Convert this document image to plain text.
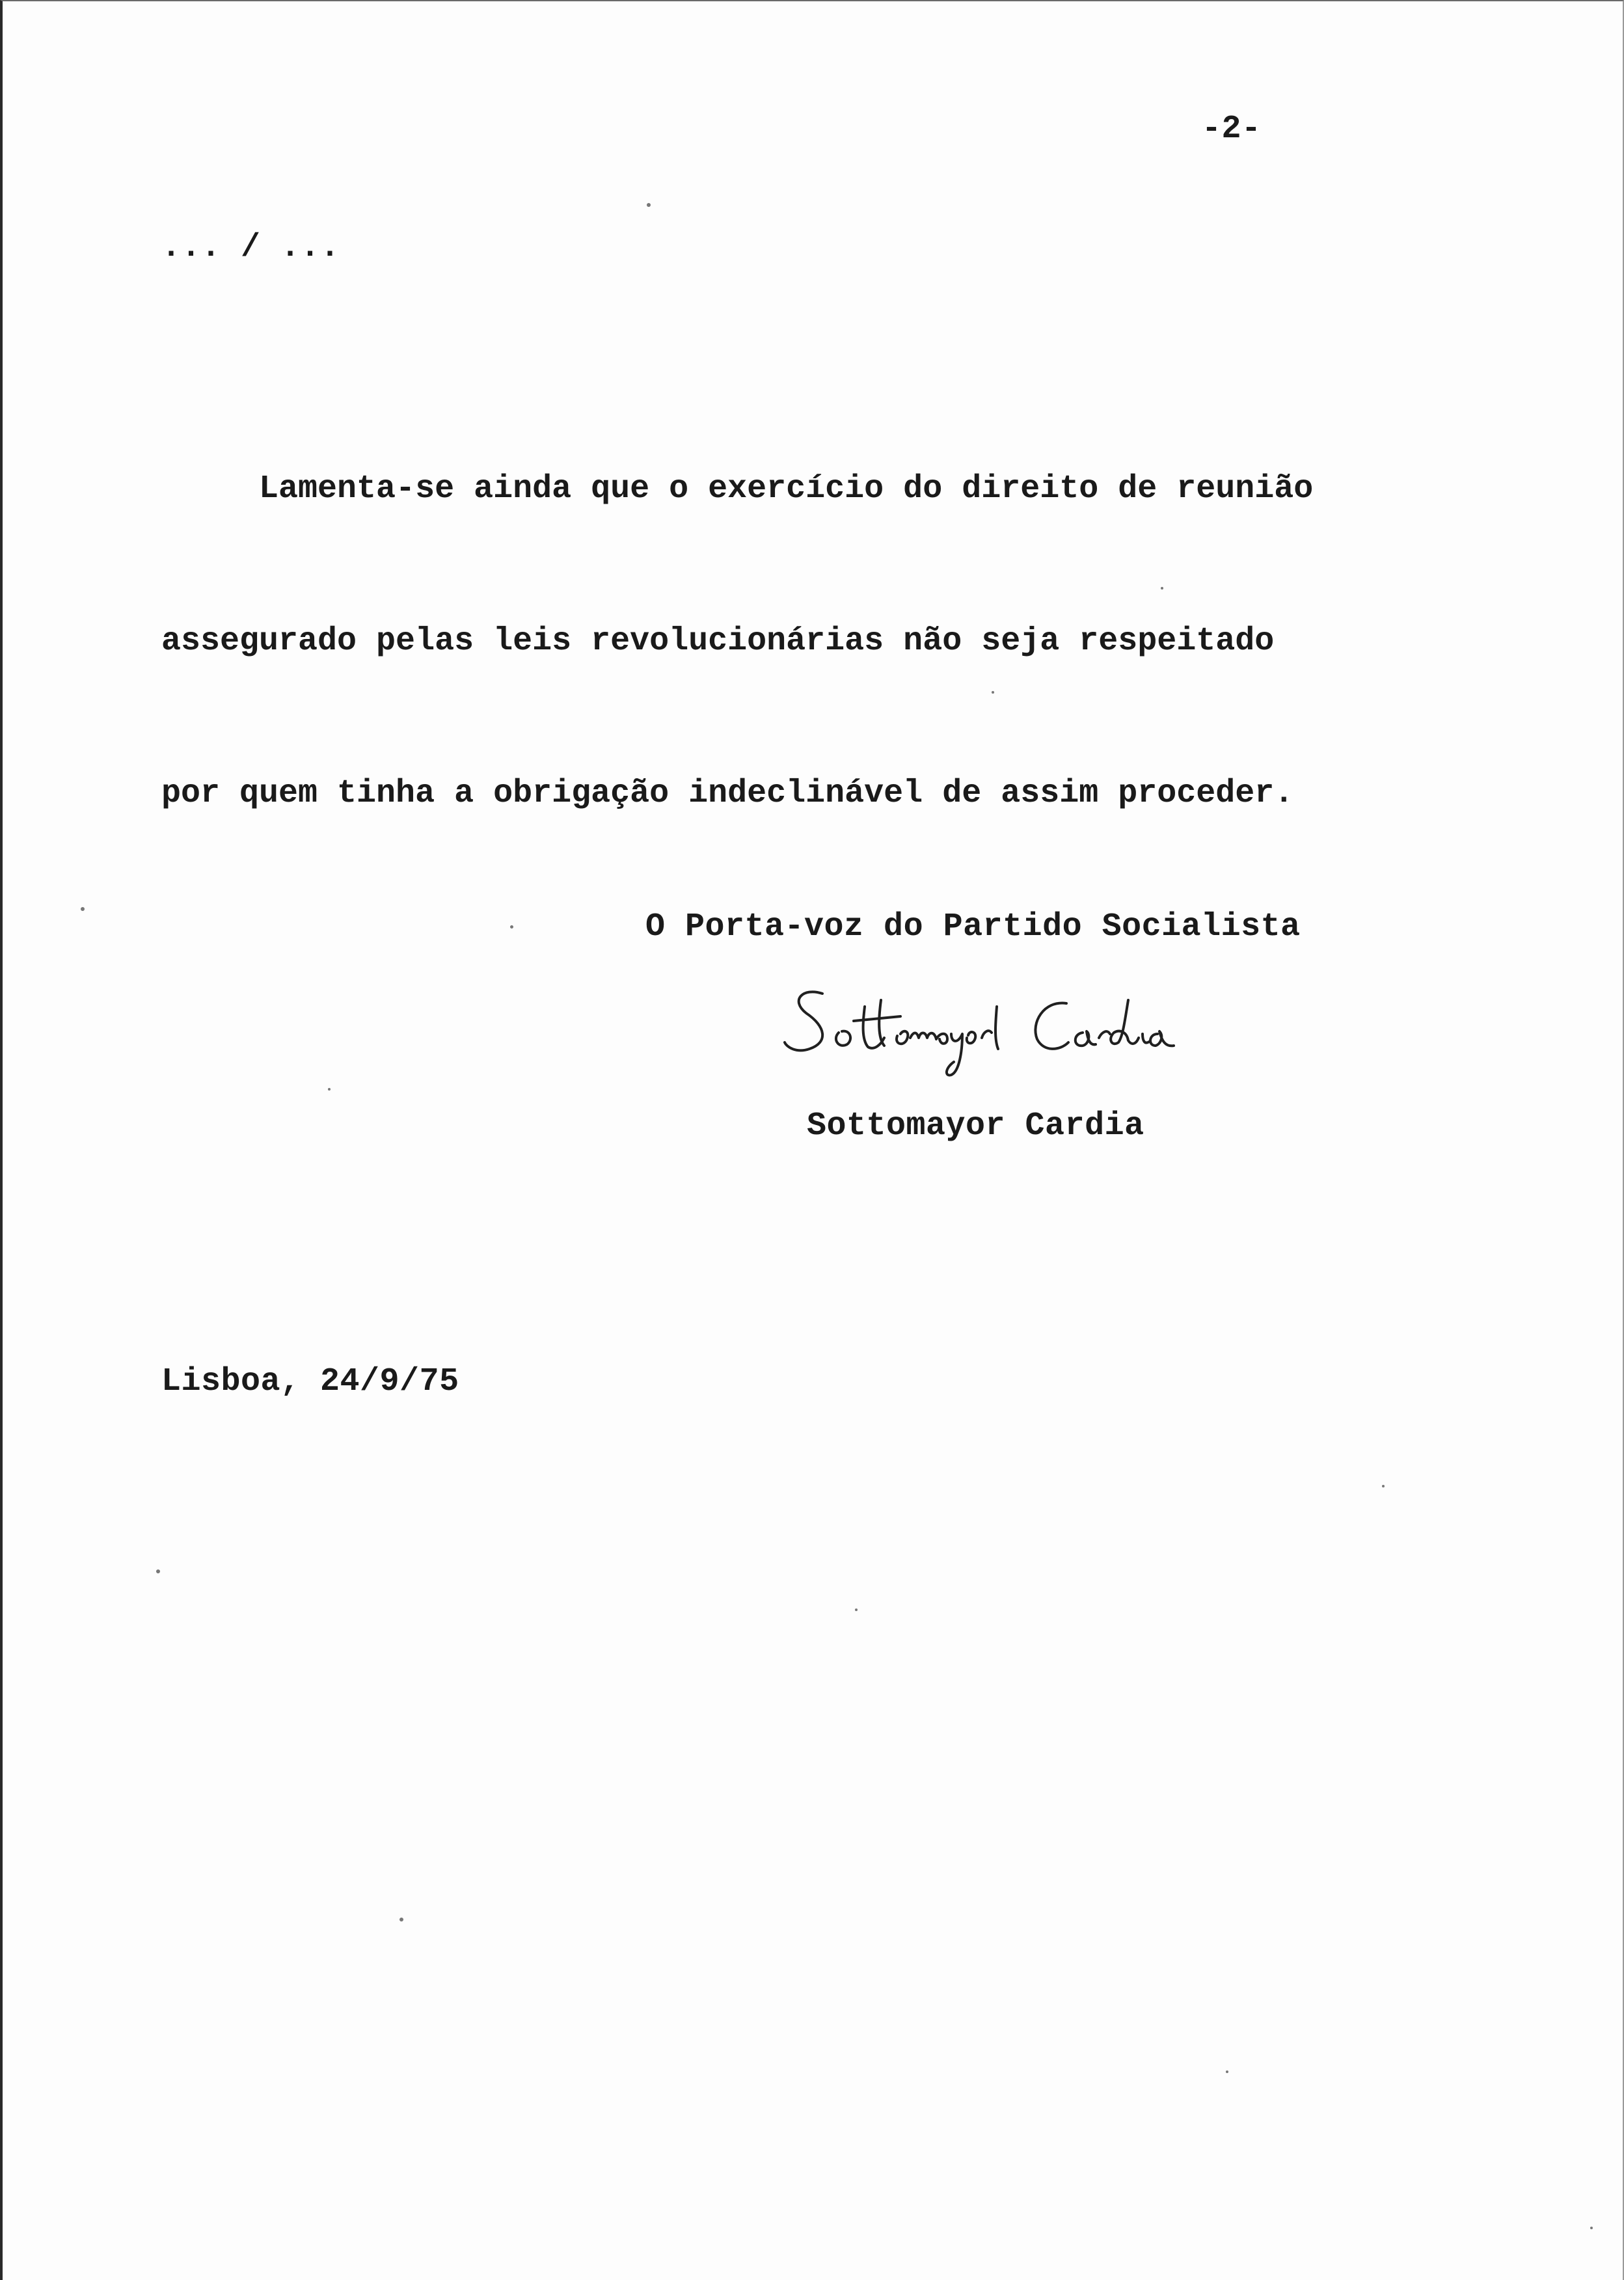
-2-
... / ...

Lamenta-se ainda que o exercício do direito de reunião

assegurado pelas leis revolucionárias não seja respeitado

por quem tinha a obrigação indeclinável de assim proceder.

O Porta-voz do Partido Socialista
Sottomayor Cardia
Lisboa, 24/9/75
